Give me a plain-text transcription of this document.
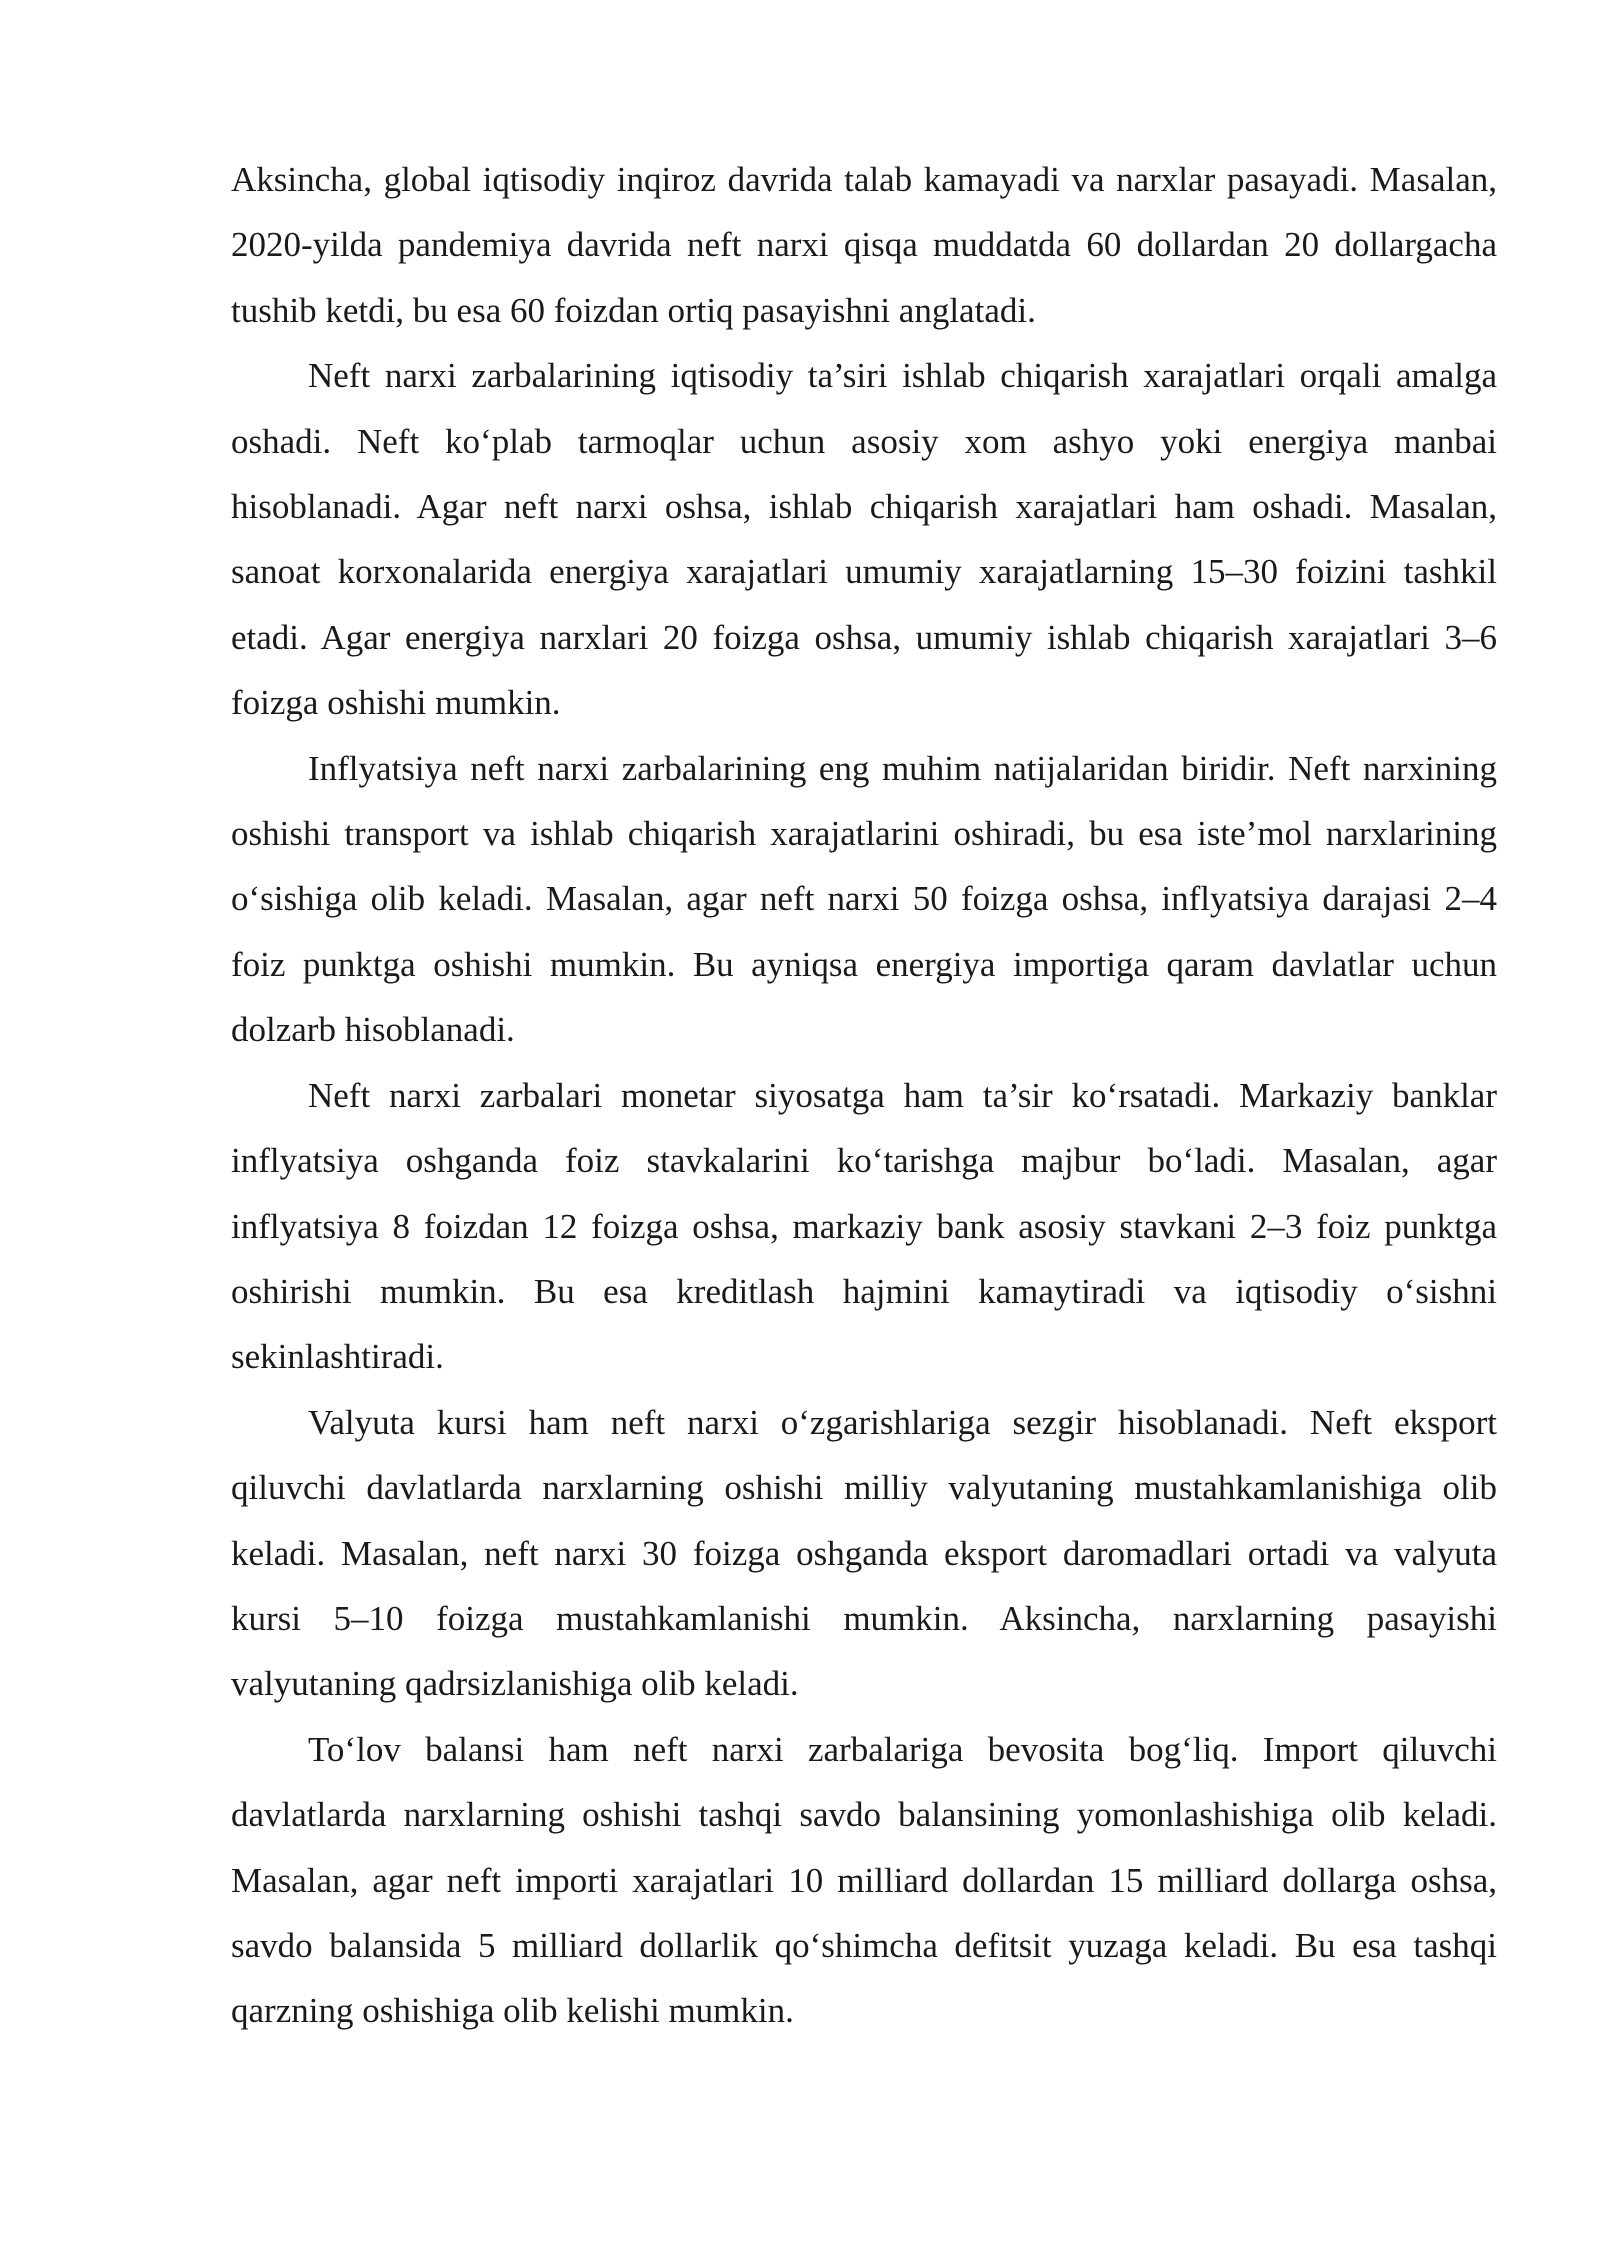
Aksincha, global iqtisodiy inqiroz davrida talab kamayadi va narxlar pasayadi. Masalan, 2020-yilda pandemiya davrida neft narxi qisqa muddatda 60 dollardan 20 dollargacha tushib ketdi, bu esa 60 foizdan ortiq pasayishni anglatadi.

Neft narxi zarbalarining iqtisodiy ta’siri ishlab chiqarish xarajatlari orqali amalga oshadi. Neft ko‘plab tarmoqlar uchun asosiy xom ashyo yoki energiya manbai hisoblanadi. Agar neft narxi oshsa, ishlab chiqarish xarajatlari ham oshadi. Masalan, sanoat korxonalarida energiya xarajatlari umumiy xarajatlarning 15–30 foizini tashkil etadi. Agar energiya narxlari 20 foizga oshsa, umumiy ishlab chiqarish xarajatlari 3–6 foizga oshishi mumkin.

Inflyatsiya neft narxi zarbalarining eng muhim natijalaridan biridir. Neft narxining oshishi transport va ishlab chiqarish xarajatlarini oshiradi, bu esa iste’mol narxlarining o‘sishiga olib keladi. Masalan, agar neft narxi 50 foizga oshsa, inflyatsiya darajasi 2–4 foiz punktga oshishi mumkin. Bu ayniqsa energiya importiga qaram davlatlar uchun dolzarb hisoblanadi.

Neft narxi zarbalari monetar siyosatga ham ta’sir ko‘rsatadi. Markaziy banklar inflyatsiya oshganda foiz stavkalarini ko‘tarishga majbur bo‘ladi. Masalan, agar inflyatsiya 8 foizdan 12 foizga oshsa, markaziy bank asosiy stavkani 2–3 foiz punktga oshirishi mumkin. Bu esa kreditlash hajmini kamaytiradi va iqtisodiy o‘sishni sekinlashtiradi.

Valyuta kursi ham neft narxi o‘zgarishlariga sezgir hisoblanadi. Neft eksport qiluvchi davlatlarda narxlarning oshishi milliy valyutaning mustahkamlanishiga olib keladi. Masalan, neft narxi 30 foizga oshganda eksport daromadlari ortadi va valyuta kursi 5–10 foizga mustahkamlanishi mumkin. Aksincha, narxlarning pasayishi valyutaning qadrsizlanishiga olib keladi.

To‘lov balansi ham neft narxi zarbalariga bevosita bog‘liq. Import qiluvchi davlatlarda narxlarning oshishi tashqi savdo balansining yomonlashishiga olib keladi. Masalan, agar neft importi xarajatlari 10 milliard dollardan 15 milliard dollarga oshsa, savdo balansida 5 milliard dollarlik qo‘shimcha defitsit yuzaga keladi. Bu esa tashqi qarzning oshishiga olib kelishi mumkin.
